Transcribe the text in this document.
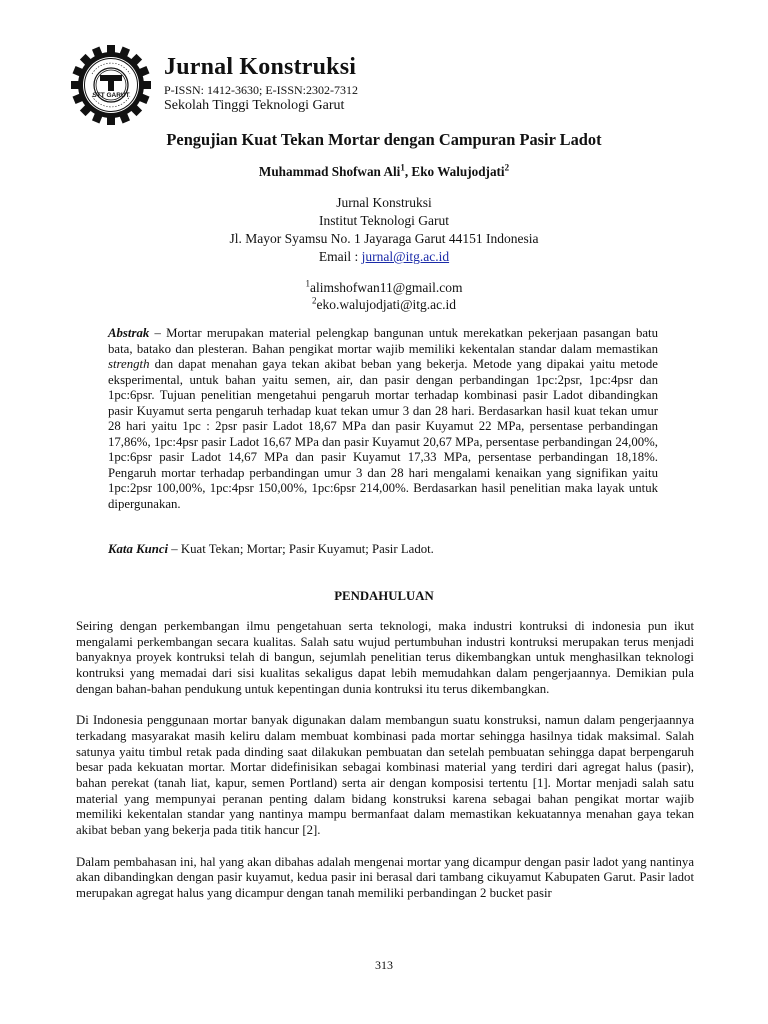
STT GARUT
Jurnal Konstruksi
P-ISSN: 1412-3630; E-ISSN:2302-7312
Sekolah Tinggi Teknologi Garut
Pengujian Kuat Tekan Mortar dengan Campuran Pasir Ladot
Muhammad Shofwan Ali$^1$, Eko Walujodjati$^2$
Jurnal Konstruksi
Institut Teknologi Garut
Jl. Mayor Syamsu No. 1 Jayaraga Garut 44151 Indonesia
Email : jurnal@itg.ac.id
$^1$alimshofwan11@gmail.com
$^2$eko.walujodjati@itg.ac.id

Abstrak – Mortar merupakan material pelengkap bangunan untuk merekatkan pekerjaan pasangan batu bata, batako dan plesteran. Bahan pengikat mortar wajib memiliki kekentalan standar dalam memastikan strength dan dapat menahan gaya tekan akibat beban yang bekerja. Metode yang dipakai yaitu metode eksperimental, untuk bahan yaitu semen, air, dan pasir dengan perbandingan 1pc:2psr, 1pc:4psr dan 1pc:6psr. Tujuan penelitian mengetahui pengaruh mortar terhadap kombinasi pasir Ladot dibandingkan pasir Kuyamut serta pengaruh terhadap kuat tekan umur 3 dan 28 hari. Berdasarkan hasil kuat tekan umur 28 hari yaitu 1pc : 2psr pasir Ladot 18,67 MPa dan pasir Kuyamut 22 MPa, persentase perbandingan 17,86%, 1pc:4psr pasir Ladot 16,67 MPa dan pasir Kuyamut 20,67 MPa, persentase perbandingan 24,00%, 1pc:6psr pasir Ladot 14,67 MPa dan pasir Kuyamut 17,33 MPa, persentase perbandingan 18,18%. Pengaruh mortar terhadap perbandingan umur 3 dan 28 hari mengalami kenaikan yang signifikan yaitu 1pc:2psr 100,00%, 1pc:4psr 150,00%, 1pc:6psr 214,00%. Berdasarkan hasil penelitian maka layak untuk dipergunakan.

Kata Kunci – Kuat Tekan; Mortar; Pasir Kuyamut; Pasir Ladot.
PENDAHULUAN

Seiring dengan perkembangan ilmu pengetahuan serta teknologi, maka industri kontruksi di indonesia pun ikut mengalami perkembangan secara kualitas. Salah satu wujud pertumbuhan industri kontruksi merupakan terus menjadi banyaknya proyek kontruksi telah di bangun, sejumlah penelitian terus dikembangkan untuk menghasilkan teknologi kontruksi yang memadai dari sisi kualitas sekaligus dapat lebih memudahkan dalam pengerjaannya. Demikian pula dengan bahan-bahan pendukung untuk kepentingan dunia kontruksi itu terus dikembangkan.

Di Indonesia penggunaan mortar banyak digunakan dalam membangun suatu konstruksi, namun dalam pengerjaannya terkadang masyarakat masih keliru dalam membuat kombinasi pada mortar sehingga hasilnya tidak maksimal. Salah satunya yaitu timbul retak pada dinding saat dilakukan pembuatan dan setelah pembuatan sehingga dapat berpengaruh besar pada kekuatan mortar. Mortar didefinisikan sebagai kombinasi material yang terdiri dari agregat halus (pasir), bahan perekat (tanah liat, kapur, semen Portland) serta air dengan komposisi tertentu [1]. Mortar menjadi salah satu material yang mempunyai peranan penting dalam bidang konstruksi karena sebagai bahan pengikat mortar wajib memiliki kekentalan standar yang nantinya mampu bermanfaat dalam memastikan kekuatannya menahan gaya tekan akibat beban yang bekerja pada titik hancur [2].

Dalam pembahasan ini, hal yang akan dibahas adalah mengenai mortar yang dicampur dengan pasir ladot yang nantinya akan dibandingkan dengan pasir kuyamut, kedua pasir ini berasal dari tambang cikuyamut Kabupaten Garut. Pasir ladot merupakan agregat halus yang dicampur dengan tanah memiliki perbandingan 2 bucket pasir

313
